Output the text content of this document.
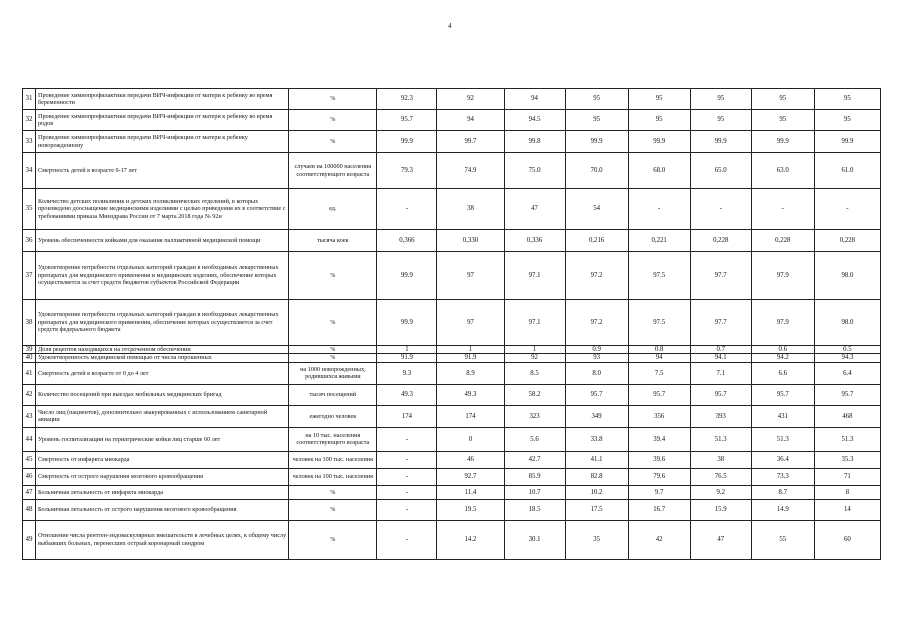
4
31	Проведение химиопрофилактики передачи ВИЧ-инфекции от матери к ребенку во время беременности	%	92.3	92	94	95	95	95	95	95
32	Проведение химиопрофилактики передачи ВИЧ-инфекции от матери к ребенку во время родов	%	95.7	94	94.5	95	95	95	95	95
33	Проведение химиопрофилактики передачи ВИЧ-инфекции от матери к ребенку новорожденному	%	99.9	99.7	99.8	99.9	99.9	99.9	99.9	99.9
34	Смертность детей в возрасте 0-17 лет	случаев на 100000 населения соответствующего возраста	79.3	74.9	75.0	70.0	68.0	65.0	63.0	61.0
35	Количество детских поликлиник и детских поликлинических отделений, в которых произведено дооснащение медицинскими изделиями с целью приведения их в соответствие с требованиями приказа Минздрава России от 7 марта 2018 года № 92н	ед.	-	38	47	54	-	-	-	-
36	Уровень обеспеченности койками для оказания паллиативной медицинской помощи	тысяча коек	0,366	0,330	0,336	0,216	0,221	0,228	0,228	0,228
37	Удовлетворение потребности отдельных категорий граждан в необходимых лекарственных препаратах для медицинского применения и медицинских изделиях, обеспечение которых осуществляется за счет средств бюджетов субъектов Российской Федерации	%	99.9	97	97.1	97.2	97.5	97.7	97.9	98.0
38	Удовлетворение потребности отдельных категорий граждан в необходимых лекарственных препаратах для медицинского применения, обеспечение которых осуществляется за счет средств федерального бюджета	%	99.9	97	97.1	97.2	97.5	97.7	97.9	98.0
39	Доля рецептов находящихся на отсроченном обеспечении	%	1	1	1	0.9	0.8	0.7	0.6	0.5
40	Удовлетворенность медицинской помощью от числа опрошенных	%	91.9	91.9	92	93	94	94.1	94.2	94.3
41	Смертность детей в возрасте от 0 до 4 лет	на 1000 новорожденных, родившихся живыми	9.3	8.9	8.5	8.0	7.5	7.1	6.6	6.4
42	Количество посещений при выездах мобильных медицинских бригад	тысяч посещений	49.3	49.3	58.2	95.7	95.7	95.7	95.7	95.7
43	Число лиц (пациентов), дополнительно эвакуированных с использованием санитарной авиации	ежегодно человек	174	174	323	349	356	393	431	468
44	Уровень госпитализации на гериатрические койки лиц старше 60 лет	на 10 тыс. населения соответствующего возраста	-	0	5.6	33.8	39.4	51.3	51.3	51.3
45	Смертность от инфаркта миокарда	человек на 100 тыс. населения	-	46	42.7	41.1	39.6	38	36.4	35.3
46	Смертность от острого нарушения мозгового кровообращения	человек на 100 тыс. населения	-	92.7	85.9	82.8	79.6	76.5	73.3	71
47	Больничная летальность от инфаркта миокарда	%	-	11.4	10.7	10.2	9.7	9.2	8.7	8
48	Больничная летальность от острого нарушения мозгового кровообращения	%	-	19.5	18.5	17.5	16.7	15.9	14.9	14
49	Отношение числа рентген-эндоваскулярных вмешательств в лечебных целях, к общему числу выбывших больных, перенесших острый коронарный синдром	%	-	14.2	30.1	35	42	47	55	60
